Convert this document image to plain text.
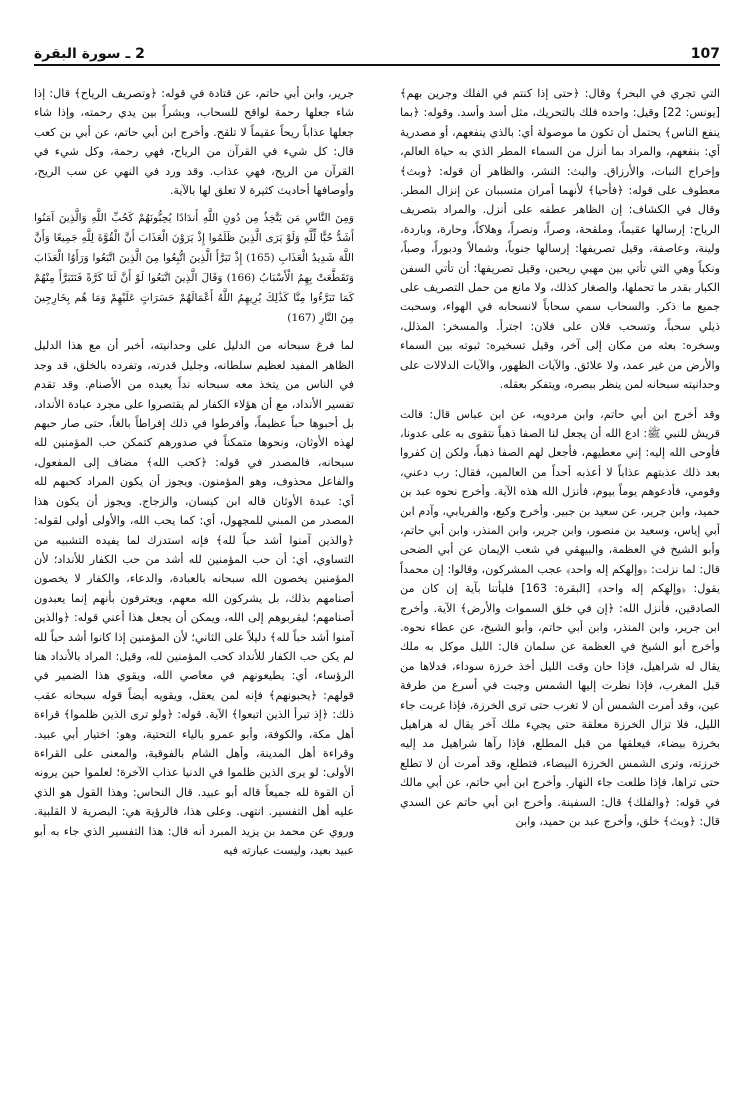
107
2 ـ سورة البقرة

التي تجري في البحر﴾ وقال: ﴿حتى إذا كنتم في الفلك وجرين بهم﴾ [يونس: 22] وقيل: واحده فلك بالتحريك، مثل أسد وأسد. وقوله: ﴿بما ينفع الناس﴾ يحتمل أن تكون ما موصولة أي: بالذي ينفعهم، أو مصدرية أي: بنفعهم، والمراد بما أنزل من السماء المطر الذي به حياة العالم، وإخراج النبات، والأرزاق. والبث: النشر، والظاهر أن قوله: ﴿وبث﴾ معطوف على قوله: ﴿فأحيا﴾ لأنهما أمران متسببان عن إنزال المطر. وقال في الكشاف: إن الظاهر عطفه على أنزل. والمراد بتصريف الرياح: إرسالها عقيماً، وملقحة، وصراً، ونصراً، وهلاكاً، وحارة، وباردة، ولينة، وعاصفة، وقيل تصريفها: إرسالها جنوباً، وشمالاً ودبوراً، وصباً، ونكباً وهي التي تأتي بين مهبي ريحين، وقيل تصريفها: أن تأتي السفن الكبار بقدر ما تحملها، والصغار كذلك، ولا مانع من حمل التصريف على جميع ما ذكر. والسحاب سمي سحاباً لانسحابه في الهواء، وسحبت ذيلي سحباً، وتسحب فلان على فلان: اجترأ. والمسخر: المذلل، وسخره: بعثه من مكان إلى آخر، وقيل تسخيره: ثبوته بين السماء والأرض من غير عمد، ولا علائق. والآيات الظهور، والآيات الدلالات على وحدانيته سبحانه لمن ينظر ببصره، ويتفكر بعقله.

وقد أخرج ابن أبي حاتم، وابن مردويه، عن ابن عباس قال: قالت قريش للنبي ﷺ: ادع الله أن يجعل لنا الصفا ذهباً نتقوى به على عدونا، فأوحى الله إليه: إني معطيهم، فأجعل لهم الصفا ذهباً، ولكن إن كفروا بعد ذلك عذبتهم عذاباً لا أعذبه أحداً من العالمين، فقال: رب دعني، وقومي، فأدعوهم يوماً بيوم، فأنزل الله هذه الآية. وأخرج نحوه عبد بن حميد، وابن جرير، عن سعيد بن جبير. وأخرج وكيع، والفريابي، وآدم ابن أبي إياس، وسعيد بن منصور، وابن جرير، وابن المنذر، وابن أبي حاتم، وأبو الشيخ في العظمة، والبيهقي في شعب الإيمان عن أبي الضحى قال: لما نزلت: ﴿وإلهكم إله واحد﴾ عجب المشركون، وقالوا: إن محمداً يقول: ﴿وإلهكم إله واحد﴾ [البقرة: 163] فليأتنا بآية إن كان من الصادقين، فأنزل الله: ﴿إن في خلق السموات والأرض﴾ الآية. وأخرج ابن جرير، وابن المنذر، وابن أبي حاتم، وأبو الشيخ، عن عطاء نحوه. وأخرج أبو الشيخ في العظمة عن سلمان قال: الليل موكل به ملك يقال له شراهيل، فإذا حان وقت الليل أخذ خرزة سوداء، فدلاها من قبل المغرب، فإذا نظرت إليها الشمس وجبت في أسرع من طرفة عين، وقد أمرت الشمس أن لا تغرب حتى ترى الخرزة، فإذا غربت جاء الليل، فلا تزال الخرزة معلقة حتى يجيء ملك آخر يقال له هراهيل بخرزة بيضاء، فيعلقها من قبل المطلع، فإذا رآها شراهيل مد إليه خرزته، وترى الشمس الخرزة البيضاء، فتطلع، وقد أمرت أن لا تطلع حتى تراها، فإذا طلعت جاء النهار. وأخرج ابن أبي حاتم، عن أبي مالك في قوله: ﴿والفلك﴾ قال: السفينة. وأخرج ابن أبي حاتم عن السدي قال: ﴿وبث﴾ خلق، وأخرج عبد بن حميد، وابن

جرير، وابن أبي حاتم، عن قتادة في قوله: ﴿وتصريف الرياح﴾ قال: إذا شاء جعلها رحمة لواقح للسحاب، وبشراً بين يدي رحمته، وإذا شاء جعلها عذاباً ريحاً عقيماً لا تلقح. وأخرج ابن أبي حاتم، عن أبي بن كعب قال: كل شيء في القرآن من الرياح، فهي رحمة، وكل شيء في القرآن من الريح، فهي عذاب. وقد ورد في النهي عن سب الريح، وأوصافها أحاديث كثيرة لا تعلق لها بالآية.

وَمِنَ النَّاسِ مَن يَتَّخِذُ مِن دُونِ اللَّهِ أَندَادًا يُحِبُّونَهُمْ كَحُبِّ اللَّهِ وَالَّذِينَ آمَنُوا أَشَدُّ حُبًّا لِّلَّهِ وَلَوْ يَرَى الَّذِينَ ظَلَمُوا إِذْ يَرَوْنَ الْعَذَابَ أَنَّ الْقُوَّةَ لِلَّهِ جَمِيعًا وَأَنَّ اللَّهَ شَدِيدُ الْعَذَابِ (165) إِذْ تَبَرَّأَ الَّذِينَ اتُّبِعُوا مِنَ الَّذِينَ اتَّبَعُوا وَرَأَوُا الْعَذَابَ وَتَقَطَّعَتْ بِهِمُ الْأَسْبَابُ (166) وَقَالَ الَّذِينَ اتَّبَعُوا لَوْ أَنَّ لَنَا كَرَّةً فَنَتَبَرَّأَ مِنْهُمْ كَمَا تَبَرَّءُوا مِنَّا كَذَٰلِكَ يُرِيهِمُ اللَّهُ أَعْمَالَهُمْ حَسَرَاتٍ عَلَيْهِمْ وَمَا هُم بِخَارِجِينَ مِنَ النَّارِ (167)

لما فرغ سبحانه من الدليل على وحدانيته، أخبر أن مع هذا الدليل الظاهر المفيد لعظيم سلطانه، وجليل قدرته، وتفرده بالخلق، قد وجد في الناس من يتخذ معه سبحانه نداً يعبده من الأصنام. وقد تقدم تفسير الأنداد، مع أن هؤلاء الكفار لم يقتصروا على مجرد عبادة الأنداد، بل أحبوها حباً عظيماً، وأفرطوا في ذلك إفراطاً بالغاً، حتى صار حبهم لهذه الأوثان، ونحوها متمكناً في صدورهم كتمكن حب المؤمنين لله سبحانه، فالمصدر في قوله: ﴿كحب الله﴾ مضاف إلى المفعول، والفاعل محذوف، وهو المؤمنون. ويجوز أن يكون المراد كحبهم لله أي: عبدة الأوثان قاله ابن كيسان، والزجاج. ويجوز أن يكون هذا المصدر من المبني للمجهول، أي: كما يحب الله، والأولى أولى لقوله: ﴿والذين آمنوا أشد حباً لله﴾ فإنه استدرك لما يفيده التشبيه من التساوي، أي: أن حب المؤمنين لله أشد من حب الكفار للأنداد؛ لأن المؤمنين يخصون الله سبحانه بالعبادة، والدعاء، والكفار لا يخصون أصنامهم بذلك، بل يشركون الله معهم، ويعترفون بأنهم إنما يعبدون أصنامهم؛ ليقربوهم إلى الله، ويمكن أن يجعل هذا أعني قوله: ﴿والذين آمنوا أشد حباً لله﴾ دليلاً على الثاني؛ لأن المؤمنين إذا كانوا أشد حباً لله لم يكن حب الكفار للأنداد كحب المؤمنين لله، وقيل: المراد بالأنداد هنا الرؤساء، أي: يطيعونهم في معاصي الله، ويقوي هذا الضمير في قولهم: ﴿يحبونهم﴾ فإنه لمن يعقل، ويقويه أيضاً قوله سبحانه عقب ذلك: ﴿إذ تبرأ الذين اتبعوا﴾ الآية. قوله: ﴿ولو ترى الذين ظلموا﴾ قراءة أهل مكة، والكوفة، وأبو عمرو بالياء التحتية، وهو: اختيار أبي عبيد. وقراءة أهل المدينة، وأهل الشام بالفوقية، والمعنى على القراءة الأولى: لو يرى الذين ظلموا في الدنيا عذاب الآخرة؛ لعلموا حين يرونه أن القوة لله جميعاً قاله أبو عبيد. قال النحاس: وهذا القول هو الذي عليه أهل التفسير. انتهى. وعلى هذا، فالرؤية هي: البصرية لا القلبية. وروي عن محمد بن يزيد المبرد أنه قال: هذا التفسير الذي جاء به أبو عبيد بعيد، وليست عبارته فيه
